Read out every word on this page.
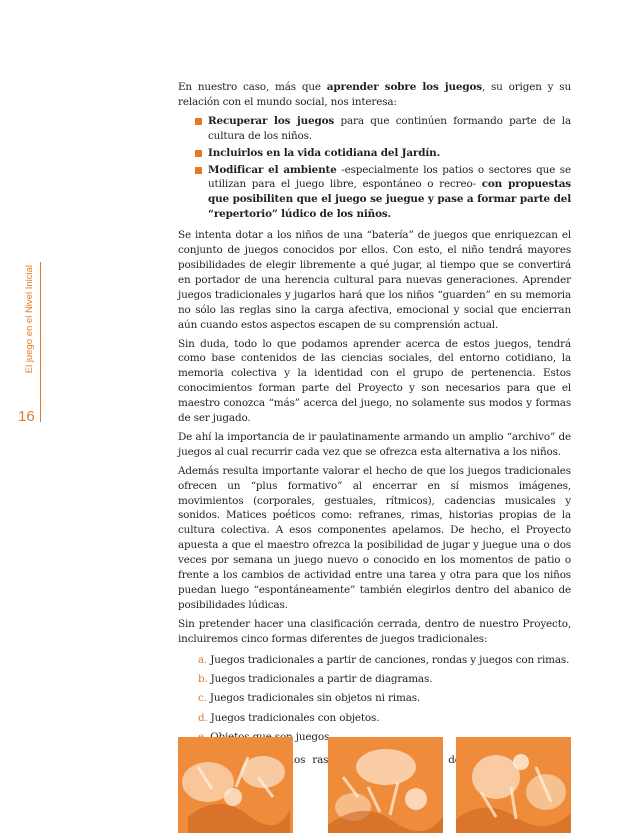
El juego en el Nivel Inicial
16

En nuestro caso, más que aprender sobre los juegos, su origen y su relación con el mundo social, nos interesa:

Recuperar los juegos para que continúen formando parte de la cultura de los niños.
Incluirlos en la vida cotidiana del Jardín.
Modificar el ambiente -especialmente los patios o sectores que se utilizan para el juego libre, espontáneo o recreo- con propuestas que posibiliten que el juego se juegue y pase a formar parte del “repertorio” lúdico de los niños.

Se intenta dotar a los niños de una “batería” de juegos que enriquezcan el conjunto de juegos conocidos por ellos. Con esto, el niño tendrá mayores posibilidades de elegir libremente a qué jugar, al tiempo que se convertirá en portador de una herencia cultural para nuevas generaciones. Aprender juegos tradicionales y jugarlos hará que los niños “guarden” en su memoria no sólo las reglas sino la carga afectiva, emocional y social que encierran aún cuando estos aspectos escapen de su comprensión actual.

Sin duda, todo lo que podamos aprender acerca de estos juegos, tendrá como base contenidos de las ciencias sociales, del entorno cotidiano, la memoria colectiva y la identidad con el grupo de pertenencia. Estos conocimientos forman parte del Proyecto y son necesarios para que el maestro conozca “más” acerca del juego, no solamente sus modos y formas de ser jugado.

De ahí la importancia de ir paulatinamente armando un amplio “archivo” de juegos al cual recurrir cada vez que se ofrezca esta alternativa a los niños.

Además resulta importante valorar el hecho de que los juegos tradicionales ofrecen un “plus formativo” al encerrar en sí mismos imágenes, movimientos (corporales, gestuales, rítmicos), cadencias musicales y sonidos. Matices poéticos como: refranes, rimas, historias propias de la cultura colectiva. A esos componentes apelamos. De hecho, el Proyecto apuesta a que el maestro ofrezca la posibilidad de jugar y juegue una o dos veces por semana un juego nuevo o conocido en los momentos de patio o frente a los cambios de actividad entre una tarea y otra para que los niños puedan luego “espontáneamente” también elegirlos dentro del abanico de posibilidades lúdicas.

Sin pretender hacer una clasificación cerrada, dentro de nuestro Proyecto, incluiremos cinco formas diferentes de juegos tradicionales:

a. Juegos tradicionales a partir de canciones, rondas y juegos con rimas.
b. Juegos tradicionales a partir de diagramas.
c. Juegos tradicionales sin objetos ni rimas.
d. Juegos tradicionales con objetos.
juegos.

los de
